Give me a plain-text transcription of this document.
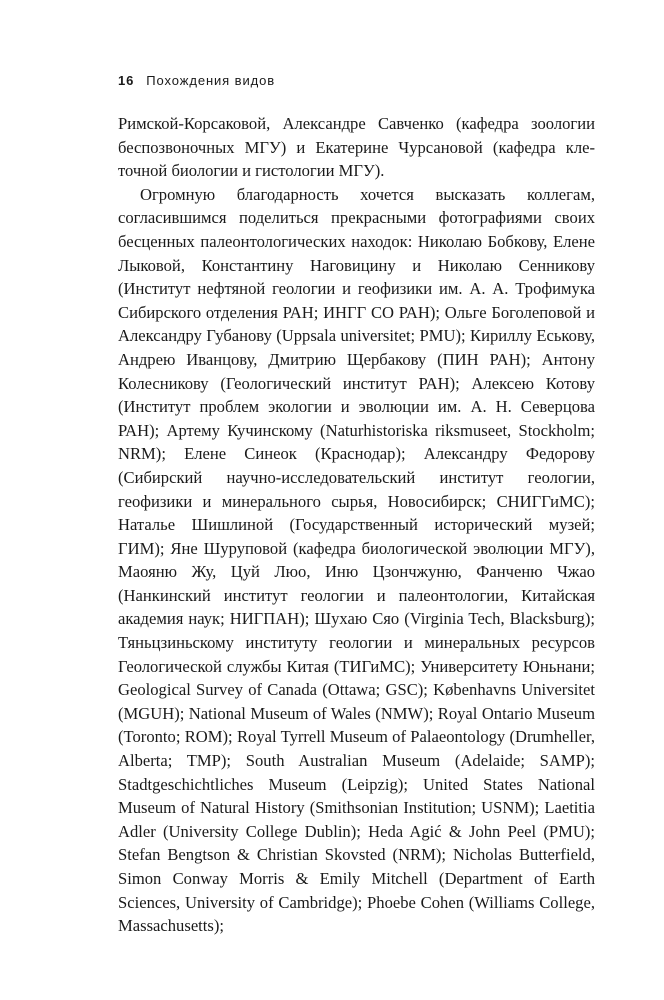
16 Похождения видов

Римской-Корсаковой, Александре Савченко (кафедра зоологии беспозвоночных МГУ) и Екатерине Чурсановой (кафедра клеточной биологии и гистологии МГУ).

Огромную благодарность хочется высказать коллегам, согласившимся поделиться прекрасными фотографиями своих бесценных палеонтологических находок: Николаю Бобкову, Елене Лыковой, Константину Наговицину и Николаю Сенникову (Институт нефтяной геологии и геофизики им. А. А. Трофимука Сибирского отделения РАН; ИНГГ СО РАН); Ольге Боголеповой и Александру Губанову (Uppsala universitet; PMU); Кириллу Еськову, Андрею Иванцову, Дмитрию Щербакову (ПИН РАН); Антону Колесникову (Геологический институт РАН); Алексею Котову (Институт проблем экологии и эволюции им. А. Н. Северцова РАН); Артему Кучинскому (Naturhistoriska riksmuseet, Stockholm; NRM); Елене Синеок (Краснодар); Александру Федорову (Сибирский научно-исследовательский институт геологии, геофизики и минерального сырья, Новосибирск; СНИГГиМС); Наталье Шишлиной (Государственный исторический музей; ГИМ); Яне Шуруповой (кафедра биологической эволюции МГУ), Маояню Жу, Цуй Люо, Иню Цзончжуню, Фанченю Чжао (Нанкинский институт геологии и палеонтологии, Китайская академия наук; НИГПАН); Шухаю Сяо (Virginia Tech, Blacksburg); Тяньцзиньскому институту геологии и минеральных ресурсов Геологической службы Китая (ТИГиМС); Университету Юньнани; Geological Survey of Canada (Ottawa; GSC); Københavns Universitet (MGUH); National Museum of Wales (NMW); Royal Ontario Museum (Toronto; ROM); Royal Tyrrell Museum of Palaeontology (Drumheller, Alberta; TMP); South Australian Museum (Adelaide; SAMP); Stadtgeschichtliches Museum (Leipzig); United States National Museum of Natural History (Smithsonian Institution; USNM); Laetitia Adler (University College Dublin); Heda Agić & John Peel (PMU); Stefan Bengtson & Christian Skovsted (NRM); Nicholas Butterfield, Simon Conway Morris & Emily Mitchell (Department of Earth Sciences, University of Cambridge); Phoebe Cohen (Williams College, Massachusetts);
